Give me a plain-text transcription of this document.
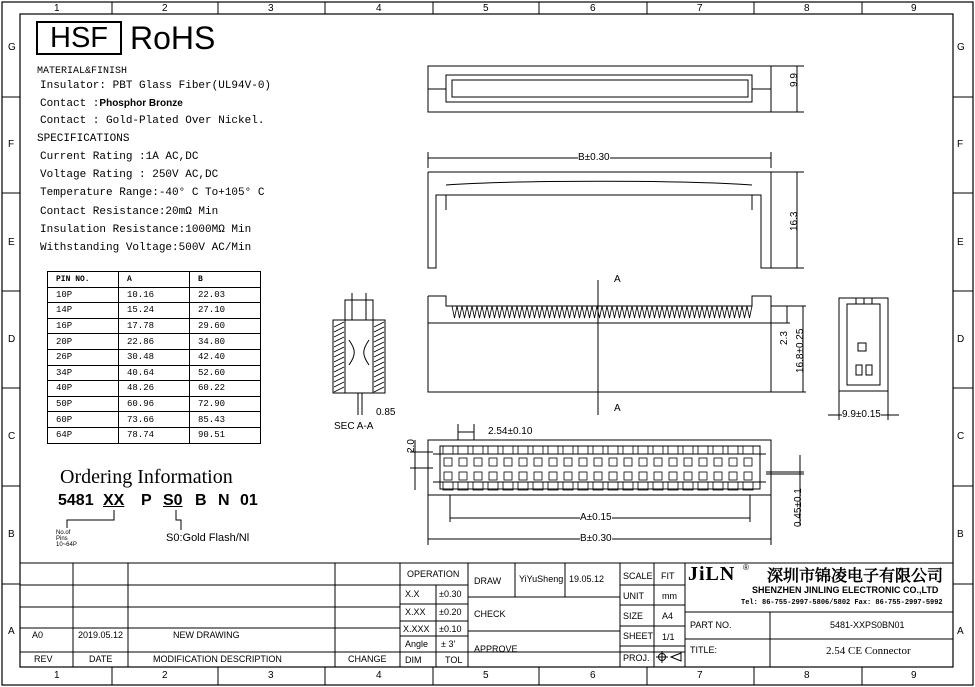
1	2	3	4	5	6	7	8	9
1	2	3	4	5	6	7	8	9
G
F
E
D
C
B
A
G
F
E
D
C
B
A
HSF RoHS
MATERIAL&FINISH
Insulator: PBT Glass Fiber(UL94V-0)
Contact :Phosphor Bronze
Contact : Gold-Plated Over Nickel.
SPECIFICATIONS
Current Rating :1A AC,DC
Voltage Rating : 250V AC,DC
Temperature Range:-40° C To+105° C
Contact Resistance:20mΩ Min
Insulation Resistance:1000MΩ Min
Withstanding Voltage:500V AC/Min
PIN NO.	A	B
10P	10.16	22.03
14P	15.24	27.10
16P	17.78	29.60
20P	22.86	34.80
26P	30.48	42.40
34P	40.64	52.60
40P	48.26	60.22
50P	60.96	72.90
60P	73.66	85.43
64P	78.74	90.51
Ordering Information
5481 XX P S0 B N 01
No.of
Pins
10~64P
S0:Gold Flash/Nl
9.9
B±0.30
16.3
A
A
SEC A-A
0.85
2.3 16.8±0.25
9.9±0.15
2.54±0.10
2.0
A±0.15
B±0.30
0.45±0.1
OPERATION
DRAW YiYuSheng 19.05.12 SCALE FIT
UNIT mm
SIZE A4
SHEET 1/1
PROJ.
CHECK
APPROVE
X.X ±0.30
X.XX ±0.20
X.XXX ±0.10
Angle ± 3'
DIM	TOL
JiLN ® 深圳市锦凌电子有限公司
SHENZHEN JINLING ELECTRONIC CO.,LTD
Tel: 86-755-2997-5806/5802 Fax: 86-755-2997-5992
PART NO.	5481-XXPS0BN01
TITLE:	2.54 CE Connector
A0	2019.05.12	NEW DRAWING
REV	DATE	MODIFICATION DESCRIPTION	CHANGE
